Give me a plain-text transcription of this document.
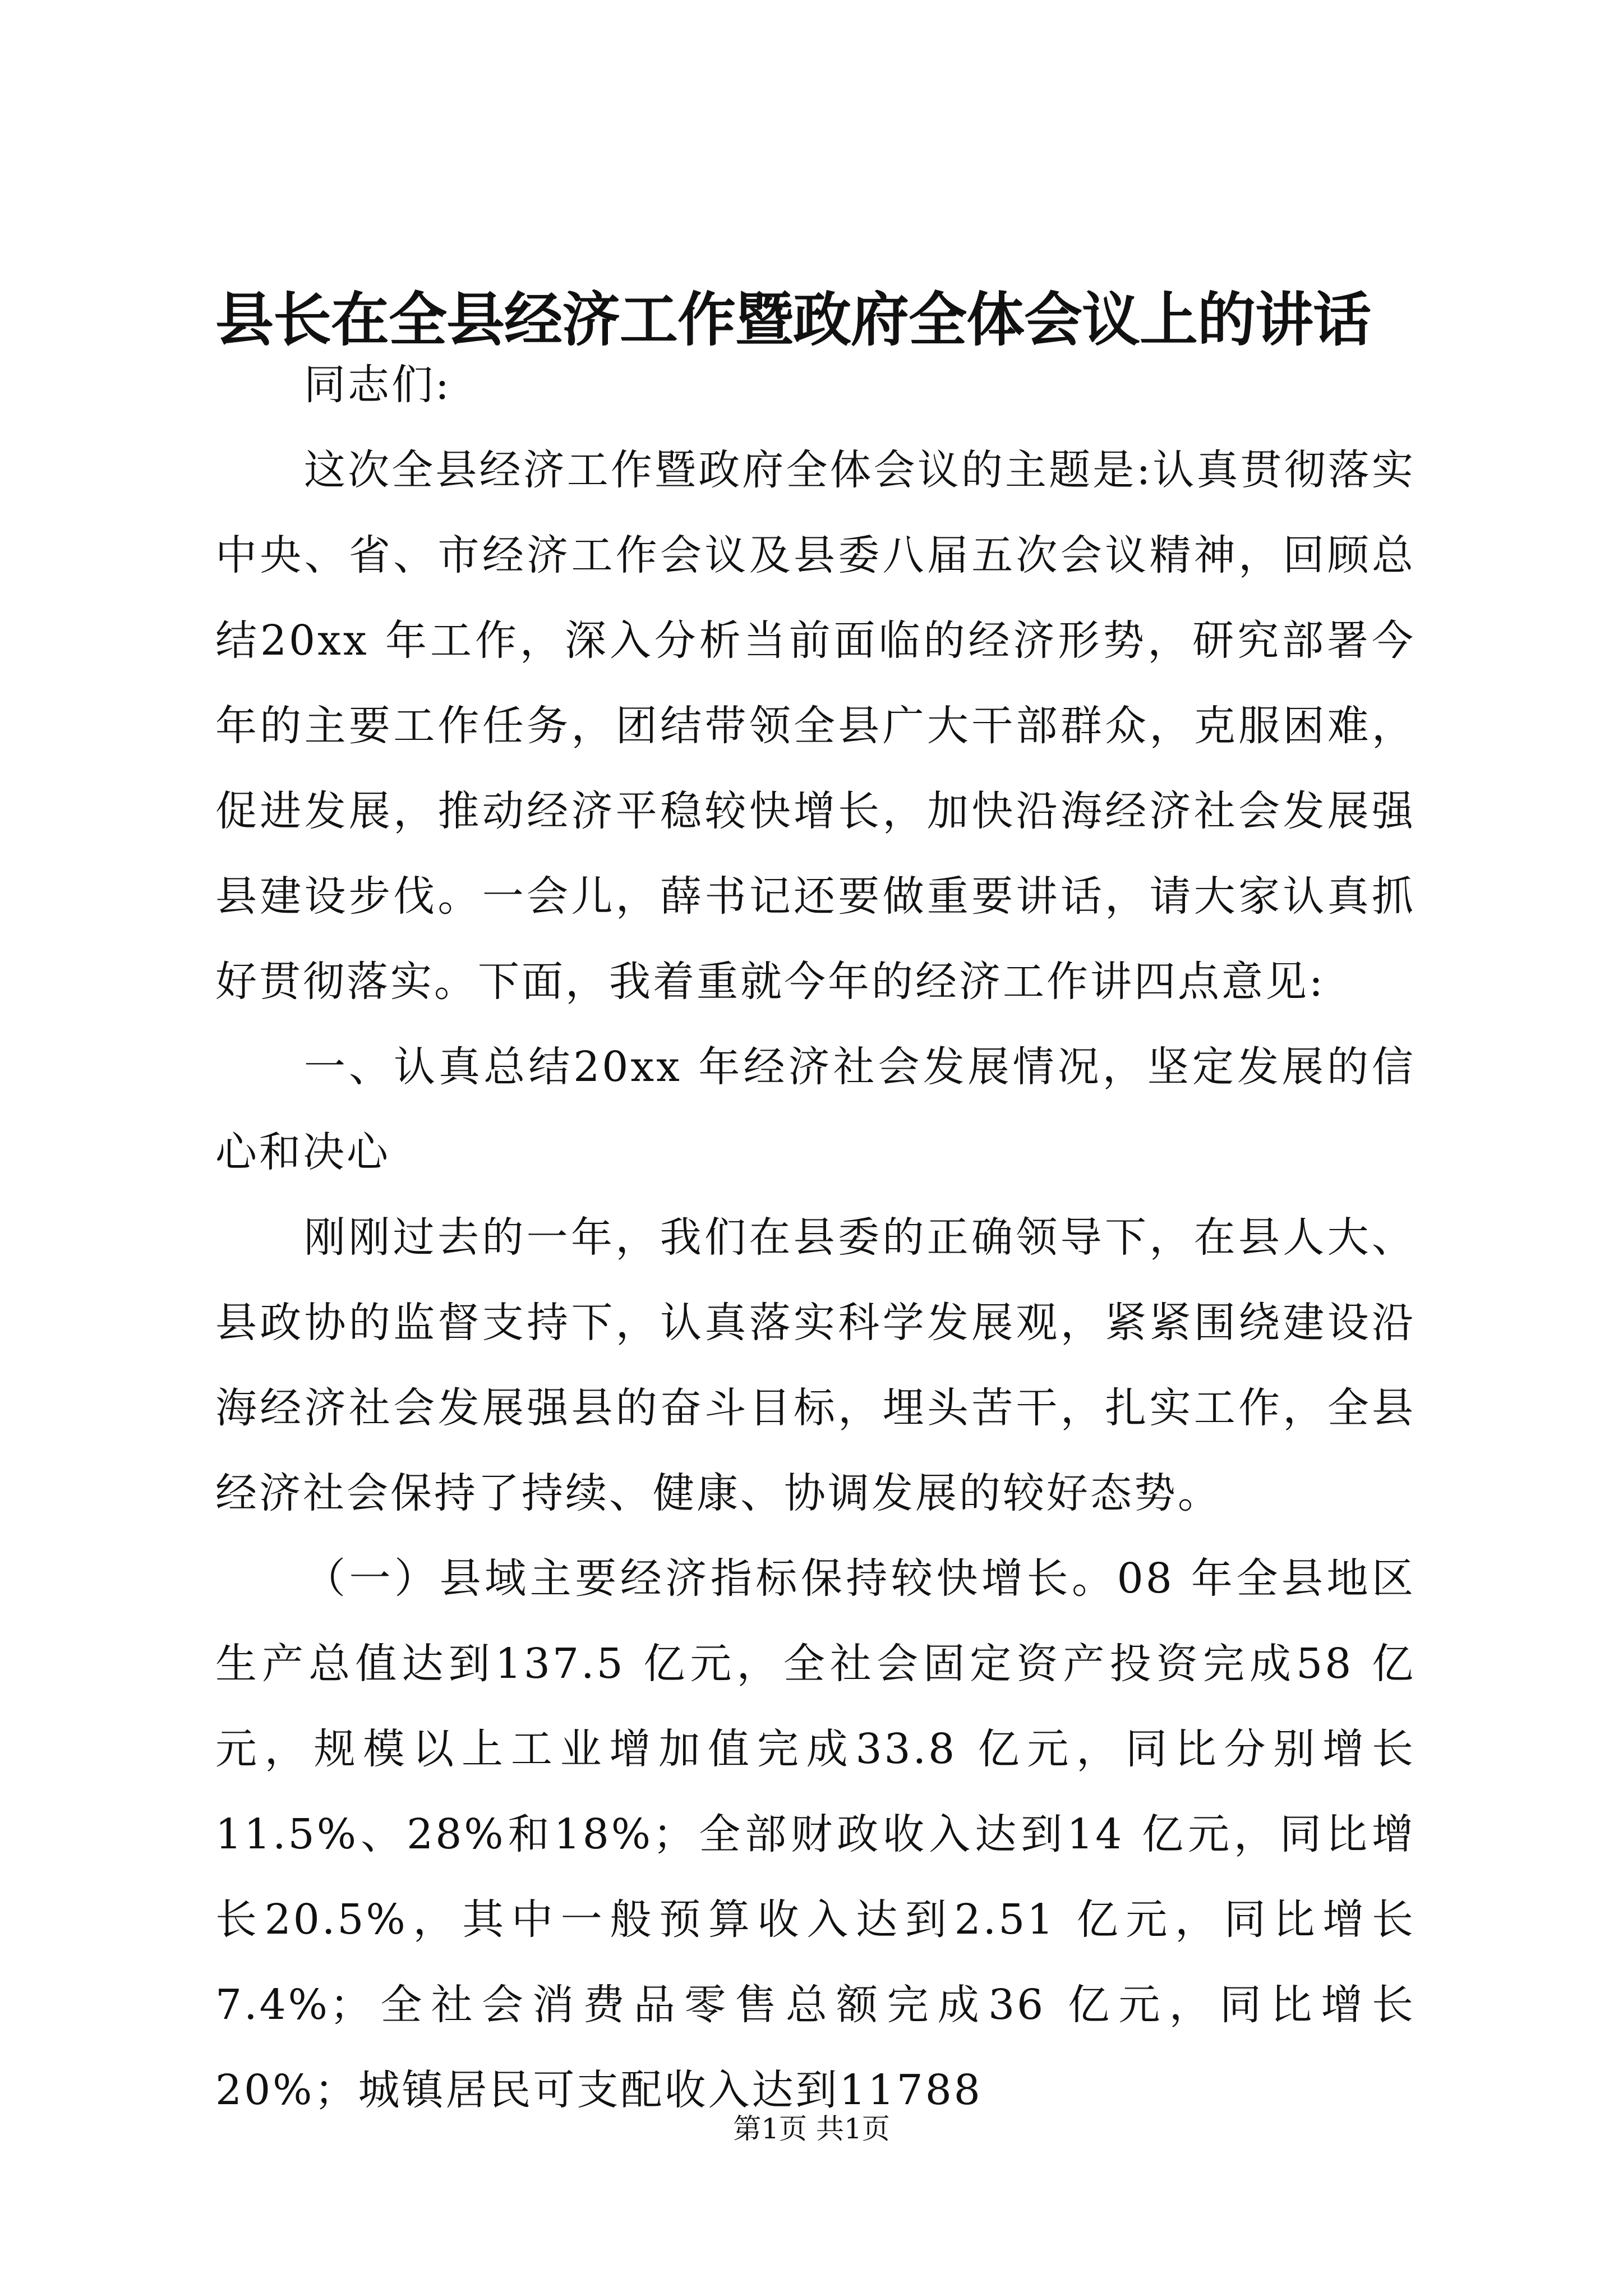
县长在全县经济工作暨政府全体会议上的讲话

同志们:

这次全县经济工作暨政府全体会议的主题是:认真贯彻落实中央、省、市经济工作会议及县委八届五次会议精神，回顾总结20xx 年工作，深入分析当前面临的经济形势，研究部署今年的主要工作任务，团结带领全县广大干部群众，克服困难，促进发展，推动经济平稳较快增长，加快沿海经济社会发展强县建设步伐。一会儿，薛书记还要做重要讲话，请大家认真抓好贯彻落实。下面，我着重就今年的经济工作讲四点意见:

一、认真总结20xx 年经济社会发展情况，坚定发展的信心和决心

刚刚过去的一年，我们在县委的正确领导下，在县人大、县政协的监督支持下，认真落实科学发展观，紧紧围绕建设沿海经济社会发展强县的奋斗目标，埋头苦干，扎实工作，全县经济社会保持了持续、健康、协调发展的较好态势。

（一）县域主要经济指标保持较快增长。08 年全县地区生产总值达到137.5 亿元，全社会固定资产投资完成58 亿元，规模以上工业增加值完成33.8 亿元，同比分别增长11.5%、28%和18%；全部财政收入达到14 亿元，同比增长20.5%，其中一般预算收入达到2.51 亿元，同比增长7.4%；全社会消费品零售总额完成36 亿元，同比增长20%；城镇居民可支配收入达到11788

第1页 共1页
